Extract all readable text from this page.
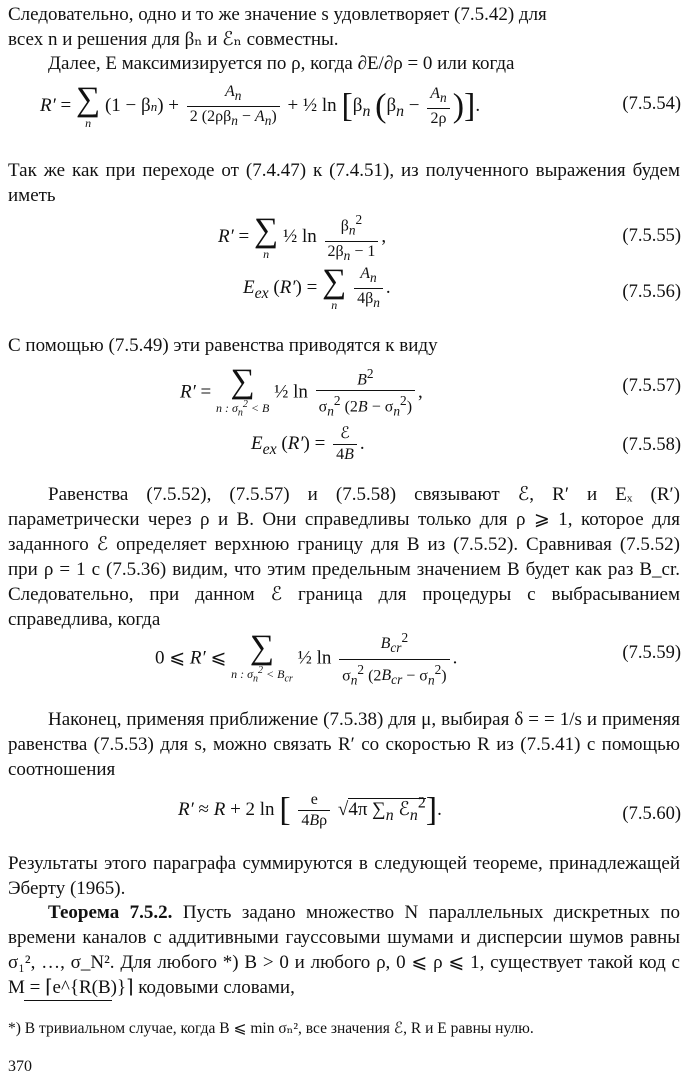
Следовательно, одно и то же значение s удовлетворяет (7.5.42) для
всех n и решения для βₙ и ℰₙ совместны.
Далее, E максимизируется по ρ, когда ∂E/∂ρ = 0 или когда
R′ = ∑
n
$(1 - \beta n) + \frac{A_n}{2 (2\rho\beta_n - A_n)}$ + ½ $\ln [\beta_n$ ($\beta_n - \frac{A_n}{2\rho}$ )].	(7.5.54)
Так же как при переходе от (7.4.47) к (7.4.51), из полученного выражения будем иметь
R′ = ∑
n
½ $\ln \frac{\beta_n^2}{2\beta_n - 1}$ ,	(7.5.55)
$E_{ex}$ (R′) = ∑
n
	$\frac{A_n}{4\beta_n}$ .	(7.5.56)
С помощью (7.5.49) эти равенства приводятся к виду
R′ = ∑
n : $\sigma_n^2 < B$
½ $\ln \frac{B^2}{\sigma_n^2 (2B - \sigma_n^2)}$ ,	(7.5.57)
$E_{ex}$ $(R') = \frac{\text{ℰ}}{4B}$ .	(7.5.58)
Равенства (7.5.52), (7.5.57) и (7.5.58) связывают ℰ, R′ и Eₓ (R′) параметрически через ρ и B. Они справедливы только для ρ ⩾ 1, которое для заданного ℰ определяет верхнюю границу для B из (7.5.52). Сравнивая (7.5.52) при ρ = 1 с (7.5.36) видим, что этим предельным значением B будет как раз B_cr. Следовательно, при данном ℰ граница для процедуры с выбрасыванием справедлива, когда
0 ⩽ R′ ⩽ ∑
n : $\sigma_n^2 < B_{cr}$
½ $\ln \frac{B_{cr}^2}{\sigma_n^2 (2B_{cr} - \sigma_n^2)}$ .	(7.5.59)
Наконец, применяя приближение (7.5.38) для μ, выбирая δ = = 1/s и применяя равенства (7.5.53) для s, можно связать R′ со скоростью R из (7.5.41) с помощью соотношения
R′ ≈ R + 2 ln [ $\frac{e}{4B\rho} √4\pi$ $\sum_n$ ℰ$_n^2$].	(7.5.60)
Результаты этого параграфа суммируются в следующей теореме, принадлежащей Эберту (1965).
Теорема 7.5.2. Пусть задано множество N параллельных дискретных по времени каналов с аддитивными гауссовыми шумами и дисперсии шумов равны σ₁², …, σ_N². Для любого *) B > 0 и любого ρ, 0 ⩽ ρ ⩽ 1, существует такой код с M = ⌈e^{R(B)}⌉ кодовыми словами,
*) В тривиальном случае, когда B ⩽ min σₙ², все значения ℰ, R и E равны нулю.
370
